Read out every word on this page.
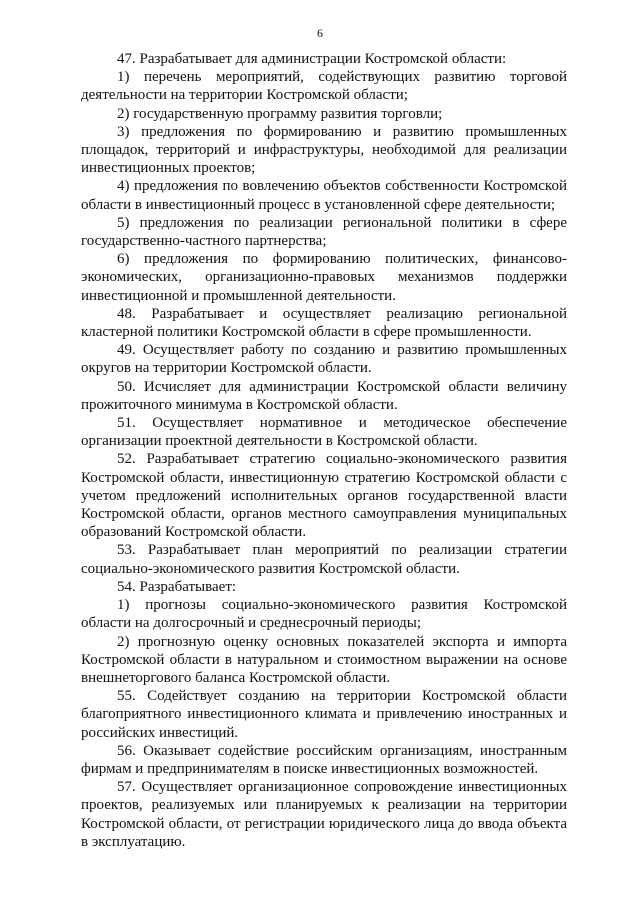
6

47. Разрабатывает для администрации Костромской области:

1) перечень мероприятий, содействующих развитию торговой деятельности на территории Костромской области;

2) государственную программу развития торговли;

3) предложения по формированию и развитию промышленных площадок, территорий и инфраструктуры, необходимой для реализации инвестиционных проектов;

4) предложения по вовлечению объектов собственности Костромской области в инвестиционный процесс в установленной сфере деятельности;

5) предложения по реализации региональной политики в сфере государственно-частного партнерства;

6) предложения по формированию политических, финансово-экономических, организационно-правовых механизмов поддержки инвестиционной и промышленной деятельности.

48. Разрабатывает и осуществляет реализацию региональной кластерной политики Костромской области в сфере промышленности.

49. Осуществляет работу по созданию и развитию промышленных округов на территории Костромской области.

50. Исчисляет для администрации Костромской области величину прожиточного минимума в Костромской области.

51. Осуществляет нормативное и методическое обеспечение организации проектной деятельности в Костромской области.

52. Разрабатывает стратегию социально-экономического развития Костромской области, инвестиционную стратегию Костромской области с учетом предложений исполнительных органов государственной власти Костромской области, органов местного самоуправления муниципальных образований Костромской области.

53. Разрабатывает план мероприятий по реализации стратегии социально-экономического развития Костромской области.

54. Разрабатывает:

1) прогнозы социально-экономического развития Костромской области на долгосрочный и среднесрочный периоды;

2) прогнозную оценку основных показателей экспорта и импорта Костромской области в натуральном и стоимостном выражении на основе внешнеторгового баланса Костромской области.

55. Содействует созданию на территории Костромской области благоприятного инвестиционного климата и привлечению иностранных и российских инвестиций.

56. Оказывает содействие российским организациям, иностранным фирмам и предпринимателям в поиске инвестиционных возможностей.

57. Осуществляет организационное сопровождение инвестиционных проектов, реализуемых или планируемых к реализации на территории Костромской области, от регистрации юридического лица до ввода объекта в эксплуатацию.
